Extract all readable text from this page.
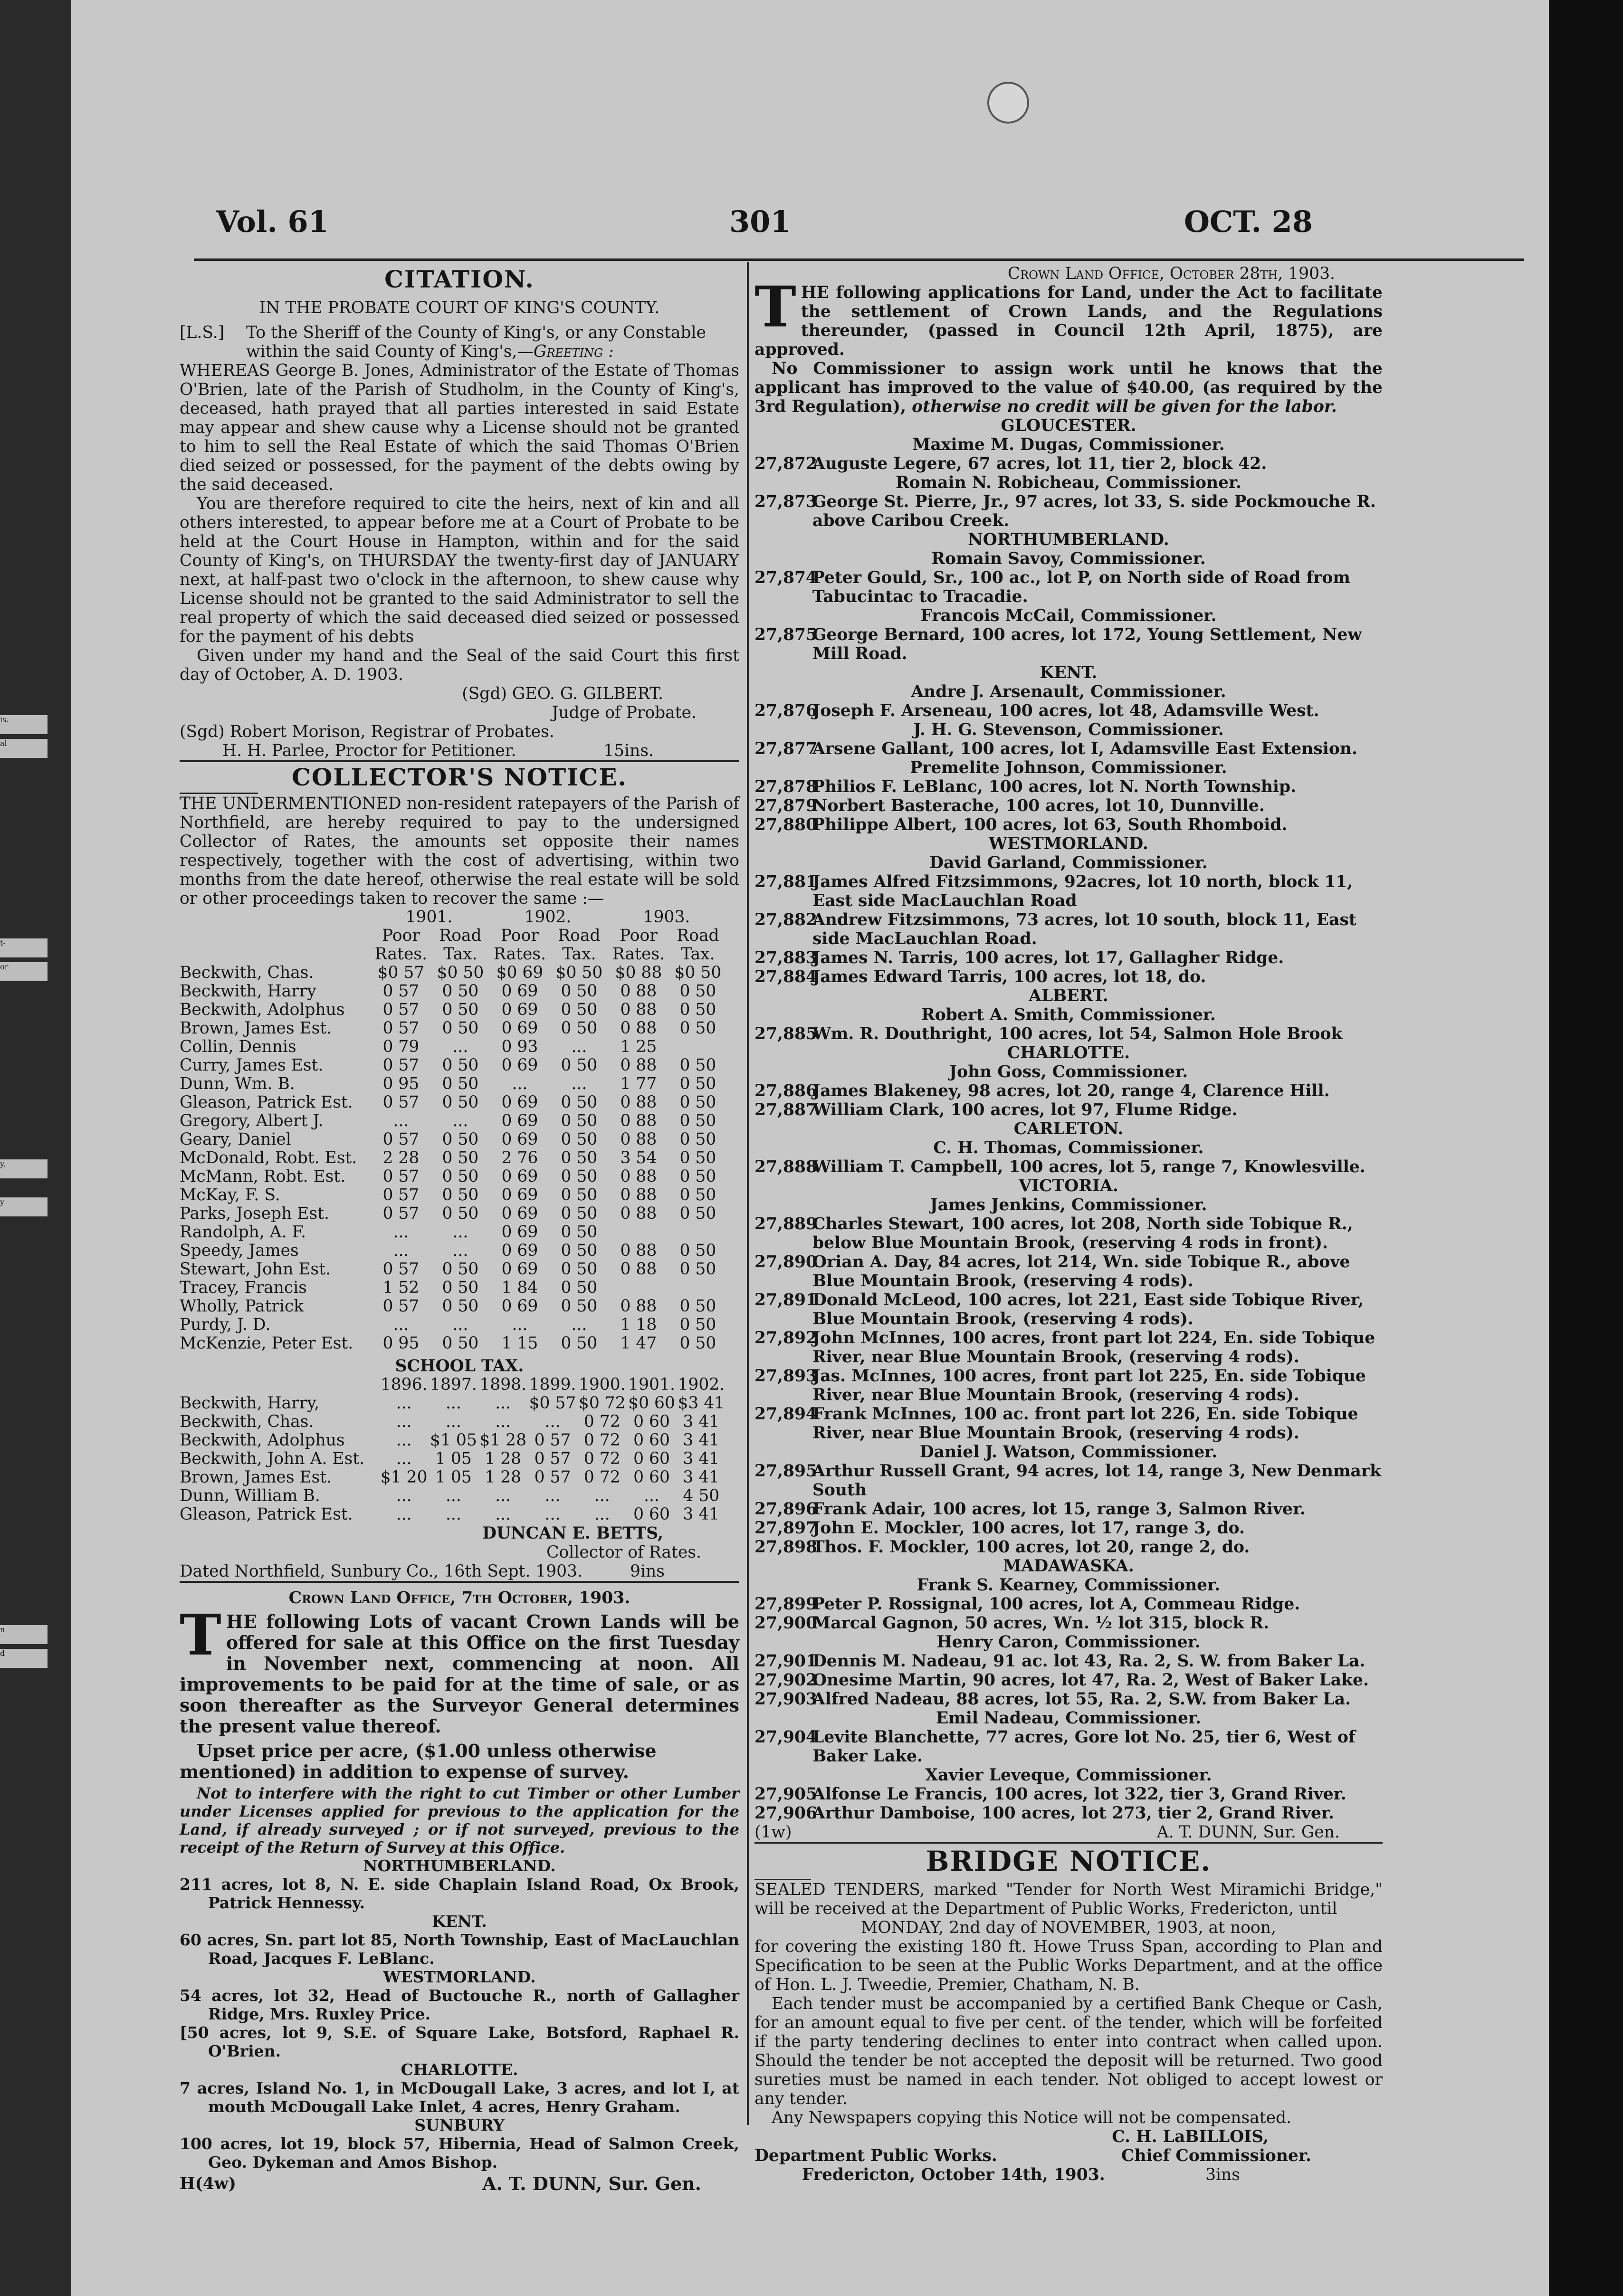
is.
al
t-
or
y.
y
n
d
Vol. 61	301	OCT. 28
CITATION.
IN THE PROBATE COURT OF KING'S COUNTY.
[L.S.]	To the Sheriff of the County of King's, or any Constable within the said County of King's,—Greeting :

WHEREAS George B. Jones, Administrator of the Estate of Thomas O'Brien, late of the Parish of Studholm, in the County of King's, deceased, hath prayed that all parties interested in said Estate may appear and shew cause why a License should not be granted to him to sell the Real Estate of which the said Thomas O'Brien died seized or possessed, for the payment of the debts owing by the said deceased.

You are therefore required to cite the heirs, next of kin and all others interested, to appear before me at a Court of Probate to be held at the Court House in Hampton, within and for the said County of King's, on THURSDAY the twenty-first day of JANUARY next, at half-past two o'clock in the afternoon, to shew cause why License should not be granted to the said Administrator to sell the real property of which the said deceased died seized or possessed for the payment of his debts

Given under my hand and the Seal of the said Court this first day of October, A. D. 1903.

(Sgd) GEO. G. GILBERT.
Judge of Probate.
(Sgd) Robert Morison, Registrar of Probates.
H. H. Parlee, Proctor for Petitioner.	15ins.
COLLECTOR'S NOTICE.

THE UNDERMENTIONED non-resident ratepayers of the Parish of Northfield, are hereby required to pay to the undersigned Collector of Rates, the amounts set opposite their names respectively, together with the cost of advertising, within two months from the date hereof, otherwise the real estate will be sold or other proceedings taken to recover the same :—

	1901.		1902.		1903.	
	Poor	Road	Poor	Road	Poor	Road
	Rates.	Tax.	Rates.	Tax.	Rates.	Tax.
Beckwith, Chas.	$0 57	$0 50	$0 69	$0 50	$0 88	$0 50
Beckwith, Harry	0 57	0 50	0 69	0 50	0 88	0 50
Beckwith, Adolphus	0 57	0 50	0 69	0 50	0 88	0 50
Brown, James Est.	0 57	0 50	0 69	0 50	0 88	0 50
Collin, Dennis	0 79	...	0 93	...	1 25	
Curry, James Est.	0 57	0 50	0 69	0 50	0 88	0 50
Dunn, Wm. B.	0 95	0 50	...	...	1 77	0 50
Gleason, Patrick Est.	0 57	0 50	0 69	0 50	0 88	0 50
Gregory, Albert J.	...	...	0 69	0 50	0 88	0 50
Geary, Daniel	0 57	0 50	0 69	0 50	0 88	0 50
McDonald, Robt. Est.	2 28	0 50	2 76	0 50	3 54	0 50
McMann, Robt. Est.	0 57	0 50	0 69	0 50	0 88	0 50
McKay, F. S.	0 57	0 50	0 69	0 50	0 88	0 50
Parks, Joseph Est.	0 57	0 50	0 69	0 50	0 88	0 50
Randolph, A. F.	...	...	0 69	0 50		
Speedy, James	...	...	0 69	0 50	0 88	0 50
Stewart, John Est.	0 57	0 50	0 69	0 50	0 88	0 50
Tracey, Francis	1 52	0 50	1 84	0 50		
Wholly, Patrick	0 57	0 50	0 69	0 50	0 88	0 50
Purdy, J. D.	...	...	...	...	1 18	0 50
McKenzie, Peter Est.	0 95	0 50	1 15	0 50	1 47	0 50
SCHOOL TAX.
	1896.	1897.	1898.	1899.	1900.	1901.	1902.
Beckwith, Harry,	...	...	...	$0 57	$0 72	$0 60	$3 41
Beckwith, Chas.	...	...	...	...	0 72	0 60	3 41
Beckwith, Adolphus	...	$1 05	$1 28	0 57	0 72	0 60	3 41
Beckwith, John A. Est.	...	1 05	1 28	0 57	0 72	0 60	3 41
Brown, James Est.	$1 20	1 05	1 28	0 57	0 72	0 60	3 41
Dunn, William B.	...	...	...	...	...	...	4 50
Gleason, Patrick Est.	...	...	...	...	...	0 60	3 41
DUNCAN E. BETTS,
Collector of Rates.
Dated Northfield, Sunbury Co., 16th Sept. 1903.	9ins
Crown Land Office, 7th October, 1903.

THE following Lots of vacant Crown Lands will be offered for sale at this Office on the first Tuesday in November next, commencing at noon. All improvements to be paid for at the time of sale, or as soon thereafter as the Surveyor General determines the present value thereof.

Upset price per acre, ($1.00 unless otherwise mentioned) in addition to expense of survey.

Not to interfere with the right to cut Timber or other Lumber under Licenses applied for previous to the application for the Land, if already surveyed ; or if not surveyed, previous to the receipt of the Return of Survey at this Office.

NORTHUMBERLAND.
211 acres, lot 8, N. E. side Chaplain Island Road, Ox Brook, Patrick Hennessy.
KENT.
60 acres, Sn. part lot 85, North Township, East of MacLauchlan Road, Jacques F. LeBlanc.
WESTMORLAND.
54 acres, lot 32, Head of Buctouche R., north of Gallagher Ridge, Mrs. Ruxley Price.
[50 acres, lot 9, S.E. of Square Lake, Botsford, Raphael R. O'Brien.
CHARLOTTE.
7 acres, Island No. 1, in McDougall Lake, 3 acres, and lot I, at mouth McDougall Lake Inlet, 4 acres, Henry Graham.
SUNBURY
100 acres, lot 19, block 57, Hibernia, Head of Salmon Creek, Geo. Dykeman and Amos Bishop.
H(4w)	A. T. DUNN, Sur. Gen.
Crown Land Office, October 28th, 1903.

THE following applications for Land, under the Act to facilitate the settlement of Crown Lands, and the Regulations thereunder, (passed in Council 12th April, 1875), are approved.

No Commissioner to assign work until he knows that the applicant has improved to the value of $40.00, (as required by the 3rd Regulation), otherwise no credit will be given for the labor.

GLOUCESTER.
Maxime M. Dugas, Commissioner.
27,872
Auguste Legere, 67 acres, lot 11, tier 2, block 42.
Romain N. Robicheau, Commissioner.
27,873
George St. Pierre, Jr., 97 acres, lot 33, S. side Pockmouche R. above Caribou Creek.
NORTHUMBERLAND.
Romain Savoy, Commissioner.
27,874
Peter Gould, Sr., 100 ac., lot P, on North side of Road from Tabucintac to Tracadie.
Francois McCail, Commissioner.
27,875
George Bernard, 100 acres, lot 172, Young Settlement, New Mill Road.
KENT.
Andre J. Arsenault, Commissioner.
27,876
Joseph F. Arseneau, 100 acres, lot 48, Adamsville West.
J. H. G. Stevenson, Commissioner.
27,877
Arsene Gallant, 100 acres, lot I, Adamsville East Extension.
Premelite Johnson, Commissioner.
27,878
Philios F. LeBlanc, 100 acres, lot N. North Township.
27,879
Norbert Basterache, 100 acres, lot 10, Dunnville.
27,880
Philippe Albert, 100 acres, lot 63, South Rhomboid.
WESTMORLAND.
David Garland, Commissioner.
27,881
James Alfred Fitzsimmons, 92acres, lot 10 north, block 11, East side MacLauchlan Road
27,882
Andrew Fitzsimmons, 73 acres, lot 10 south, block 11, East side MacLauchlan Road.
27,883
James N. Tarris, 100 acres, lot 17, Gallagher Ridge.
27,884
James Edward Tarris, 100 acres, lot 18, do.
ALBERT.
Robert A. Smith, Commissioner.
27,885
Wm. R. Douthright, 100 acres, lot 54, Salmon Hole Brook
CHARLOTTE.
John Goss, Commissioner.
27,886
James Blakeney, 98 acres, lot 20, range 4, Clarence Hill.
27,887
William Clark, 100 acres, lot 97, Flume Ridge.
CARLETON.
C. H. Thomas, Commissioner.
27,888
William T. Campbell, 100 acres, lot 5, range 7, Knowlesville.
VICTORIA.
James Jenkins, Commissioner.
27,889
Charles Stewart, 100 acres, lot 208, North side Tobique R., below Blue Mountain Brook, (reserving 4 rods in front).
27,890
Orian A. Day, 84 acres, lot 214, Wn. side Tobique R., above Blue Mountain Brook, (reserving 4 rods).
27,891
Donald McLeod, 100 acres, lot 221, East side Tobique River, Blue Mountain Brook, (reserving 4 rods).
27,892
John McInnes, 100 acres, front part lot 224, En. side Tobique River, near Blue Mountain Brook, (reserving 4 rods).
27,893
Jas. McInnes, 100 acres, front part lot 225, En. side Tobique River, near Blue Mountain Brook, (reserving 4 rods).
27,894
Frank McInnes, 100 ac. front part lot 226, En. side Tobique River, near Blue Mountain Brook, (reserving 4 rods).
Daniel J. Watson, Commissioner.
27,895
Arthur Russell Grant, 94 acres, lot 14, range 3, New Denmark South
27,896
Frank Adair, 100 acres, lot 15, range 3, Salmon River.
27,897
John E. Mockler, 100 acres, lot 17, range 3, do.
27,898
Thos. F. Mockler, 100 acres, lot 20, range 2, do.
MADAWASKA.
Frank S. Kearney, Commissioner.
27,899
Peter P. Rossignal, 100 acres, lot A, Commeau Ridge.
27,900
Marcal Gagnon, 50 acres, Wn. ½ lot 315, block R.
Henry Caron, Commissioner.
27,901
Dennis M. Nadeau, 91 ac. lot 43, Ra. 2, S. W. from Baker La.
27,902
Onesime Martin, 90 acres, lot 47, Ra. 2, West of Baker Lake.
27,903
Alfred Nadeau, 88 acres, lot 55, Ra. 2, S.W. from Baker La.
Emil Nadeau, Commissioner.
27,904
Levite Blanchette, 77 acres, Gore lot No. 25, tier 6, West of Baker Lake.
Xavier Leveque, Commissioner.
27,905
Alfonse Le Francis, 100 acres, lot 322, tier 3, Grand River.
27,906
Arthur Damboise, 100 acres, lot 273, tier 2, Grand River.
(1w)	A. T. DUNN, Sur. Gen.
BRIDGE NOTICE.

SEALED TENDERS, marked "Tender for North West Miramichi Bridge," will be received at the Department of Public Works, Fredericton, until

MONDAY, 2nd day of NOVEMBER, 1903, at noon,

for covering the existing 180 ft. Howe Truss Span, according to Plan and Specification to be seen at the Public Works Department, and at the office of Hon. L. J. Tweedie, Premier, Chatham, N. B.

Each tender must be accompanied by a certified Bank Cheque or Cash, for an amount equal to five per cent. of the tender, which will be forfeited if the party tendering declines to enter into contract when called upon. Should the tender be not accepted the deposit will be returned. Two good sureties must be named in each tender. Not obliged to accept lowest or any tender.

Any Newspapers copying this Notice will not be compensated.

C. H. LaBILLOIS,
Department Public Works.	Chief Commissioner.
Fredericton, October 14th, 1903.	3ins
